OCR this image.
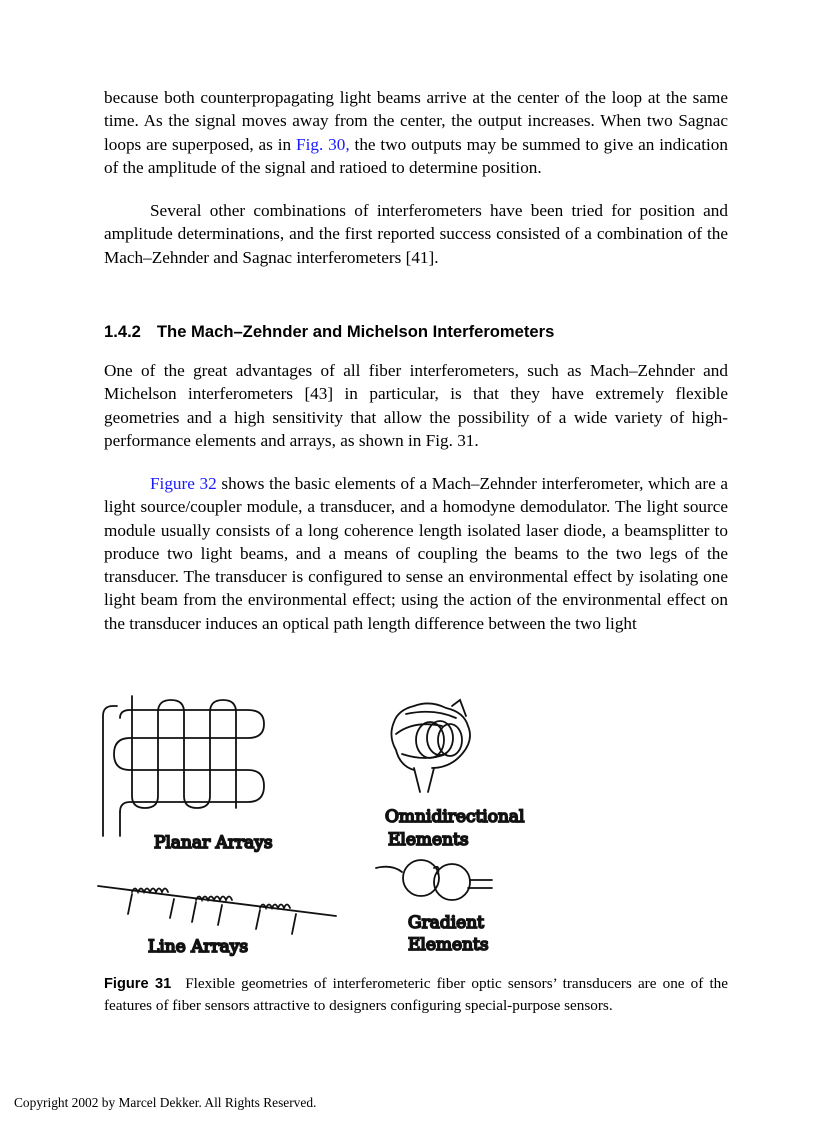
because both counterpropagating light beams arrive at the center of the loop at the same time. As the signal moves away from the center, the output increases. When two Sagnac loops are superposed, as in Fig. 30, the two outputs may be summed to give an indication of the amplitude of the signal and ratioed to determine position.

Several other combinations of interferometers have been tried for position and amplitude determinations, and the first reported success consisted of a combination of the Mach–Zehnder and Sagnac interferometers [41].

1.4.2 The Mach–Zehnder and Michelson Interferometers

One of the great advantages of all fiber interferometers, such as Mach–Zehnder and Michelson interferometers [43] in particular, is that they have extremely flexible geometries and a high sensitivity that allow the possibility of a wide variety of high-performance elements and arrays, as shown in Fig. 31.

Figure 32 shows the basic elements of a Mach–Zehnder interferometer, which are a light source/coupler module, a transducer, and a homodyne demodulator. The light source module usually consists of a long coherence length isolated laser diode, a beamsplitter to produce two light beams, and a means of coupling the beams to the two legs of the transducer. The transducer is configured to sense an environmental effect by isolating one light beam from the environmental effect; using the action of the environmental effect on the transducer induces an optical path length difference between the two light

Planar Arrays
Line Arrays
Omnidirectional
Elements
Gradient
Elements

Figure 31 Flexible geometries of interferometeric fiber optic sensors’ transducers are one of the features of fiber sensors attractive to designers configuring special-purpose sensors.

Copyright 2002 by Marcel Dekker. All Rights Reserved.
